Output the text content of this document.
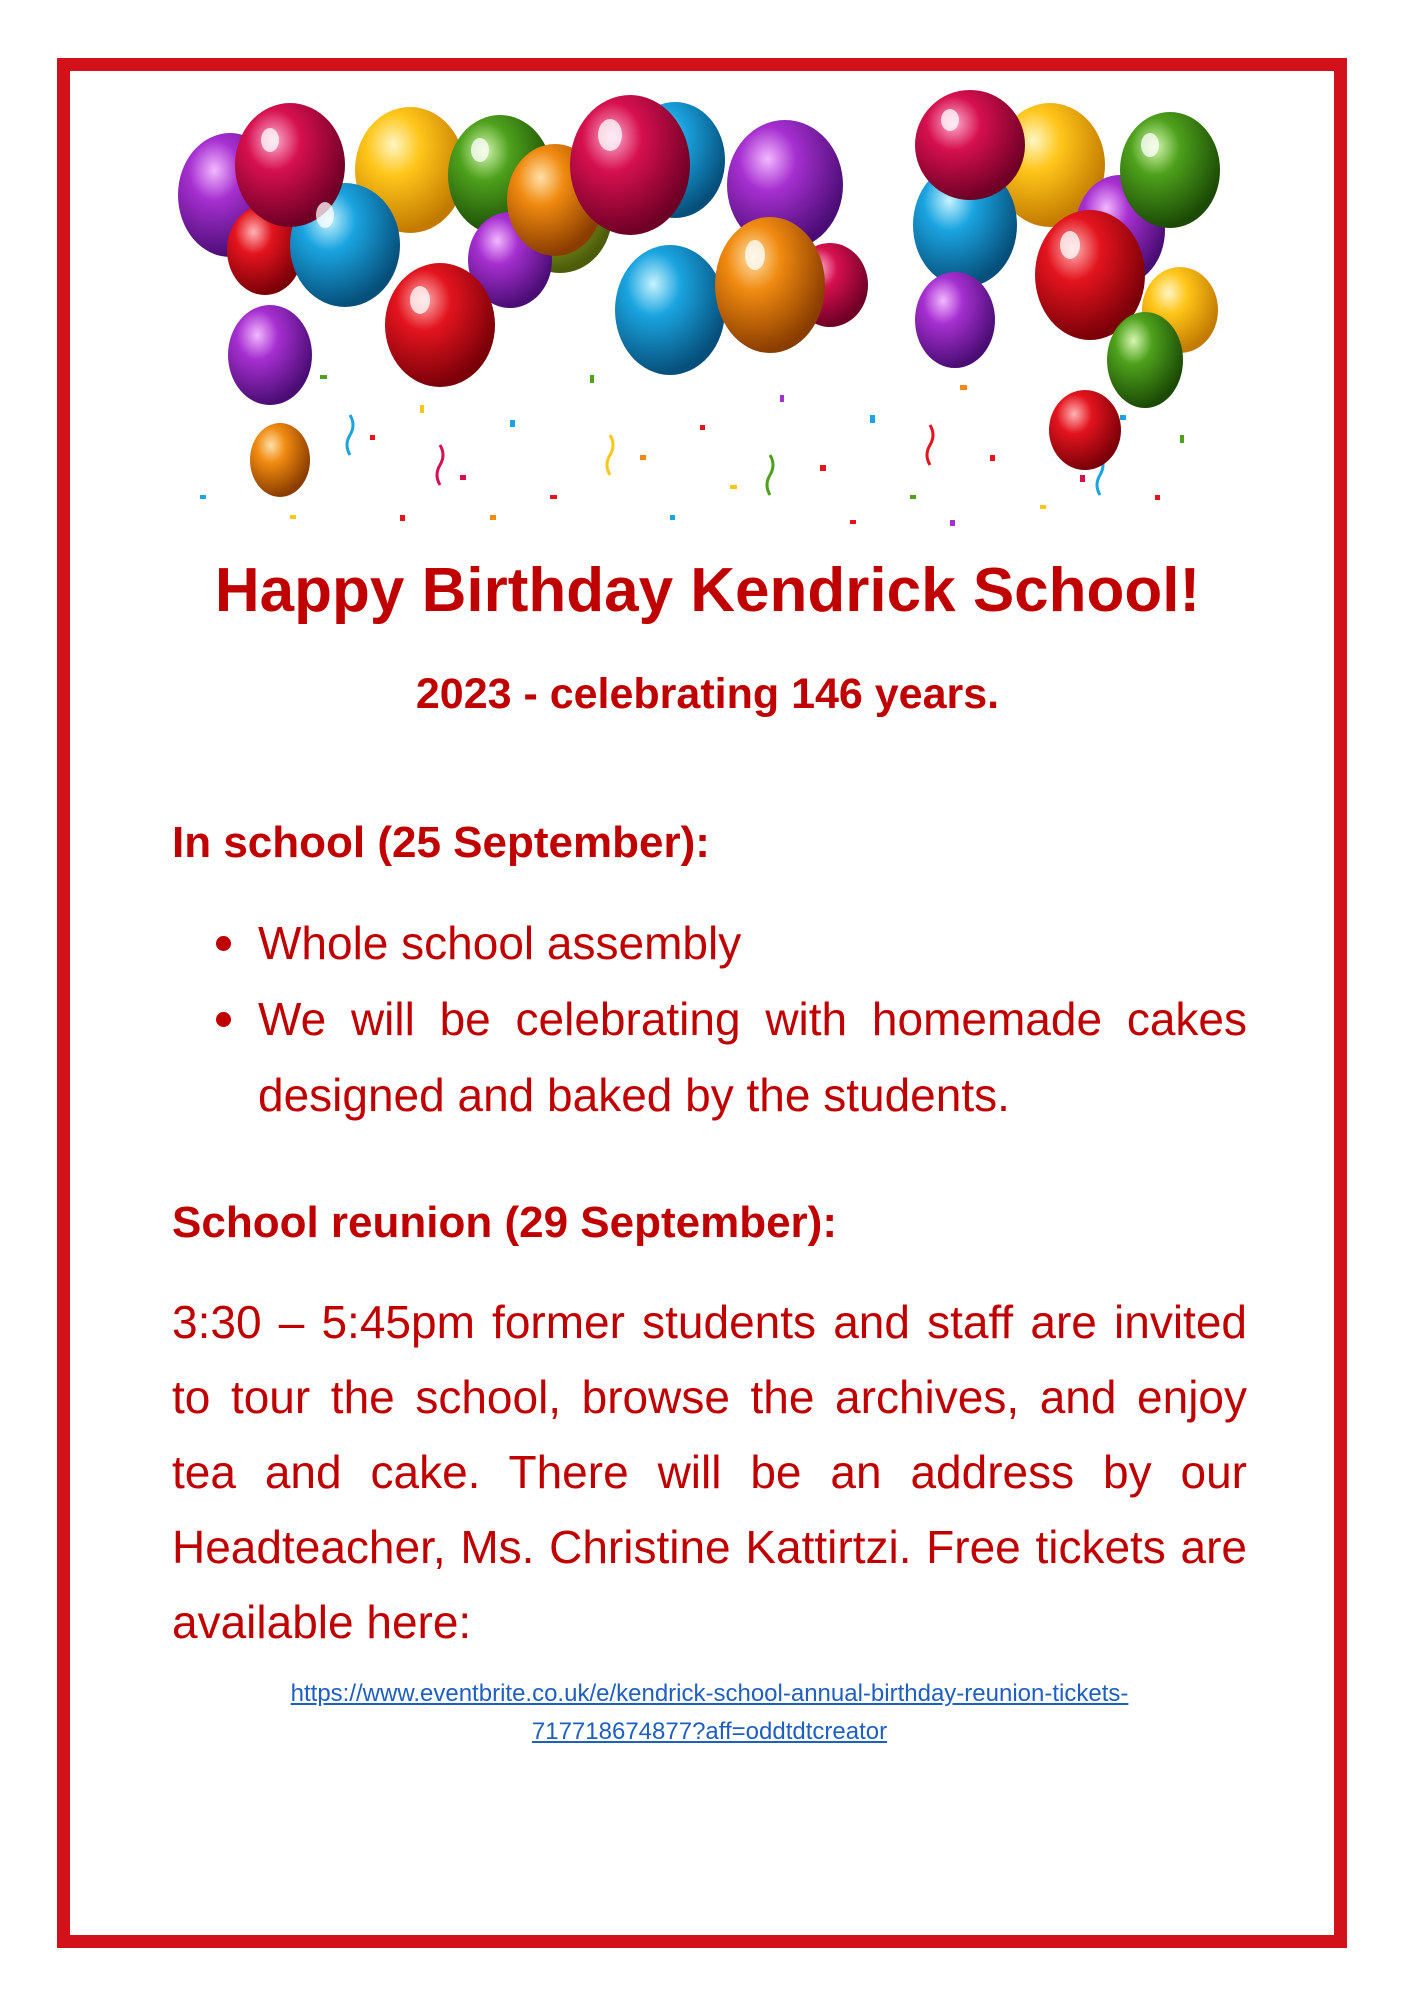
Happy Birthday Kendrick School!
2023 - celebrating 146 years.
In school (25 September):
Whole school assembly
We will be celebrating with homemade cakes designed and baked by the students.
School reunion (29 September):

3:30 – 5:45pm former students and staff are invited to tour the school, browse the archives, and enjoy tea and cake. There will be an address by our Headteacher, Ms. Christine Kattirtzi. Free tickets are available here:

https://www.eventbrite.co.uk/e/kendrick-school-annual-birthday-reunion-tickets-
717718674877?aff=oddtdtcreator
